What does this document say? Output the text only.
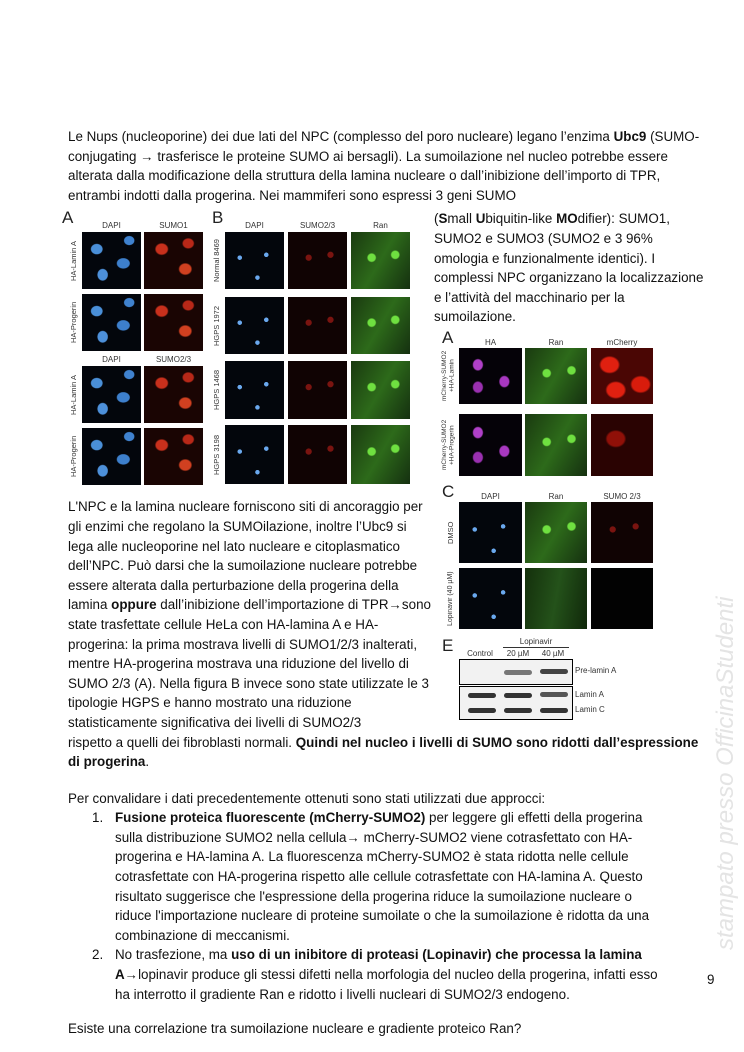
stampato presso OfficinaStudenti

Le Nups (nucleoporine) dei due lati del NPC (complesso del poro nucleare) legano l’enzima Ubc9 (SUMO-conjugating → trasferisce le proteine SUMO ai bersagli). La sumoilazione nel nucleo potrebbe essere alterata dalla modificazione della struttura della lamina nucleare o dall’inibizione dell’importo di TPR, entrambi indotti dalla progerina. Nei mammiferi sono espressi 3 geni SUMO

A	DAPI	SUMO1
DAPI	SUMO2/3
HA-Lamin A
HA-Progerin
HA-Lamin A
HA-Progerin
B	DAPI	SUMO2/3	Ran
Normal 8469
HGPS 1972
HGPS 1468
HGPS 3198

L'NPC e la lamina nucleare forniscono siti di ancoraggio per gli enzimi che regolano la SUMOilazione, inoltre l’Ubc9 si lega alle nucleoporine nel lato nucleare e citoplasmatico dell’NPC. Può darsi che la sumoilazione nucleare potrebbe essere alterata dalla perturbazione della progerina della lamina oppure dall’inibizione dell’importazione di TPR→sono state trasfettate cellule HeLa con HA-lamina A e HA-progerina: la prima mostrava livelli di SUMO1/2/3 inalterati, mentre HA-progerina mostrava una riduzione del livello di SUMO 2/3 (A). Nella figura B invece sono state utilizzate le 3 tipologie HGPS e hanno mostrato una riduzione statisticamente significativa dei livelli di SUMO2/3

(Small Ubiquitin-like MOdifier): SUMO1, SUMO2 e SUMO3 (SUMO2 e 3 96% omologia e funzionalmente identici). I complessi NPC organizzano la localizzazione e l’attività del macchinario per la sumoilazione.

A	HA	Ran	mCherry
mCherry-SUMO2 +HA-Lamin
mCherry-SUMO2 +HA-Progerin
C	DAPI	Ran	SUMO 2/3
DMSO
Lopinavir (40 µM)
E	Lopinavir
Control	20 µM	40 µM
Pre-lamin A
Lamin A
Lamin C

rispetto a quelli dei fibroblasti normali. Quindi nel nucleo i livelli di SUMO sono ridotti dall’espressione di progerina.

Per convalidare i dati precedentemente ottenuti sono stati utilizzati due approcci:

1. Fusione proteica fluorescente (mCherry-SUMO2) per leggere gli effetti della progerina sulla distribuzione SUMO2 nella cellula→ mCherry-SUMO2 viene cotrasfettato con HA-progerina e HA-lamina A. La fluorescenza mCherry-SUMO2 è stata ridotta nelle cellule cotrasfettate con HA-progerina rispetto alle cellule cotrasfettate con HA-lamina A. Questo risultato suggerisce che l'espressione della progerina riduce la sumoilazione nucleare o riduce l'importazione nucleare di proteine sumoilate o che la sumoilazione è ridotta da una combinazione di meccanismi.
2. No trasfezione, ma uso di un inibitore di proteasi (Lopinavir) che processa la lamina A→lopinavir produce gli stessi difetti nella morfologia del nucleo della progerina, infatti esso ha interrotto il gradiente Ran e ridotto i livelli nucleari di SUMO2/3 endogeno.

Esiste una correlazione tra sumoilazione nucleare e gradiente proteico Ran?

9
